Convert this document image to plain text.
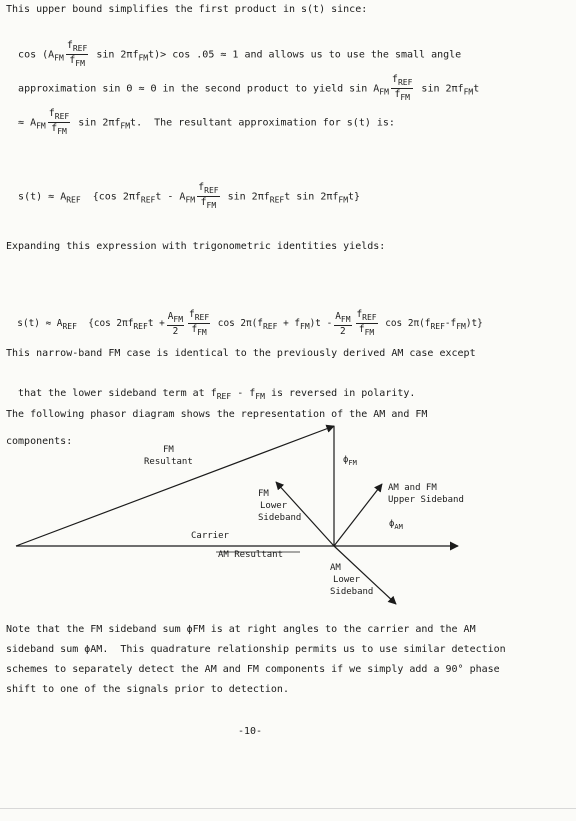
This upper bound simplifies the first product in s(t) since:

$\cos (A_{FM} \frac{f_{REF}}{f_{FM}}$ $\sin 2\pi f_{FM}t)> \cos .05 \approx 1$ and allows us to use the small angle

approximation sin Θ ≈ Θ in the second product to yield $\sin A_{FM} \frac{f_{REF}}{f_{FM}}$ $\sin 2\pi f_{FM}t$

≈ $A_{FM} \frac{f_{REF}}{f_{FM}}$ $\sin 2\pi f_{FM}t$.  The resultant approximation for s(t) is:

$s(t) \approx A_{REF}$  {cos $2\pi f_{REF}t - A_{FM} \frac{f_{REF}}{f_{FM}}$ $\sin 2\pi f_{REF}t$ $\sin 2\pi f_{FM}t$}

Expanding this expression with trigonometric identities yields:

s(t) ≈ AREF  {cos 2πfREFt + $\frac{\text{AFM}}{2} \frac{\text{fREF}}{\text{fFM}}$ cos 2π(fREF + $fFM)t - \frac{\text{AFM}}{2} \frac{\text{fREF}}{\text{fFM}}$ cos 2π(fREF-fFM)t}

This narrow-band FM case is identical to the previously derived AM case except

that the lower sideband term at $f_{REF} - f_{FM}$ is reversed in polarity.

The following phasor diagram shows the representation of the AM and FM
components:
FM
Resultant	$\phi_{FM}$
AM and FM
Upper Sideband
FM
Lower
Sideband
$\phi_{AM}$
Carrier
AM Resultant
AM
Lower
Sideband
Note that the FM sideband sum ϕFM is at right angles to the carrier and the AM
sideband sum ϕAM.  This quadrature relationship permits us to use similar detection
schemes to separately detect the AM and FM components if we simply add a 90° phase
shift to one of the signals prior to detection.
-10-
